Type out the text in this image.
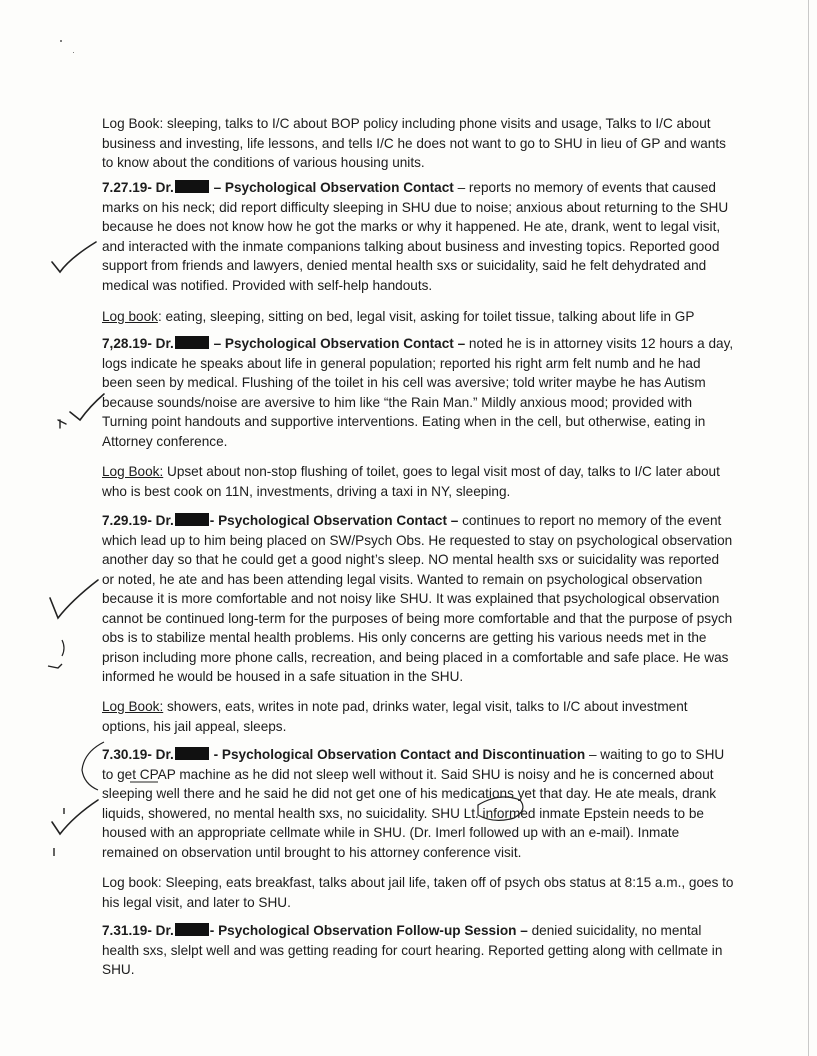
Log Book: sleeping, talks to I/C about BOP policy including phone visits and usage, Talks to I/C about business and investing, life lessons, and tells I/C he does not want to go to SHU in lieu of GP and wants to know about the conditions of various housing units.

7.27.19- Dr.	– Psychological Observation Contact – reports no memory of events that caused marks on his neck; did report difficulty sleeping in SHU due to noise; anxious about returning to the SHU because he does not know how he got the marks or why it happened. He ate, drank, went to legal visit, and interacted with the inmate companions talking about business and investing topics. Reported good support from friends and lawyers, denied mental health sxs or suicidality, said he felt dehydrated and medical was notified. Provided with self-help handouts.

Log book: eating, sleeping, sitting on bed, legal visit, asking for toilet tissue, talking about life in GP

7,28.19- Dr.	– Psychological Observation Contact – noted he is in attorney visits 12 hours a day, logs indicate he speaks about life in general population; reported his right arm felt numb and he had been seen by medical. Flushing of the toilet in his cell was aversive; told writer maybe he has Autism because sounds/noise are aversive to him like “the Rain Man.” Mildly anxious mood; provided with Turning point handouts and supportive interventions. Eating when in the cell, but otherwise, eating in Attorney conference.

Log Book: Upset about non-stop flushing of toilet, goes to legal visit most of day, talks to I/C later about who is best cook on 11N, investments, driving a taxi in NY, sleeping.

7.29.19- Dr.	- Psychological Observation Contact – continues to report no memory of the event which lead up to him being placed on SW/Psych Obs. He requested to stay on psychological observation another day so that he could get a good night’s sleep. NO mental health sxs or suicidality was reported or noted, he ate and has been attending legal visits. Wanted to remain on psychological observation because it is more comfortable and not noisy like SHU. It was explained that psychological observation cannot be continued long-term for the purposes of being more comfortable and that the purpose of psych obs is to stabilize mental health problems. His only concerns are getting his various needs met in the prison including more phone calls, recreation, and being placed in a comfortable and safe place. He was informed he would be housed in a safe situation in the SHU.

Log Book: showers, eats, writes in note pad, drinks water, legal visit, talks to I/C about investment options, his jail appeal, sleeps.

7.30.19- Dr.	- Psychological Observation Contact and Discontinuation – waiting to go to SHU to get CPAP machine as he did not sleep well without it. Said SHU is noisy and he is concerned about sleeping well there and he said he did not get one of his medications yet that day. He ate meals, drank liquids, showered, no mental health sxs, no suicidality. SHU Lt. informed inmate Epstein needs to be housed with an appropriate cellmate while in SHU. (Dr. Imerl followed up with an e-mail). Inmate remained on observation until brought to his attorney conference visit.

Log book: Sleeping, eats breakfast, talks about jail life, taken off of psych obs status at 8:15 a.m., goes to his legal visit, and later to SHU.

7.31.19- Dr.	- Psychological Observation Follow-up Session – denied suicidality, no mental health sxs, slelpt well and was getting reading for court hearing. Reported getting along with cellmate in SHU.
